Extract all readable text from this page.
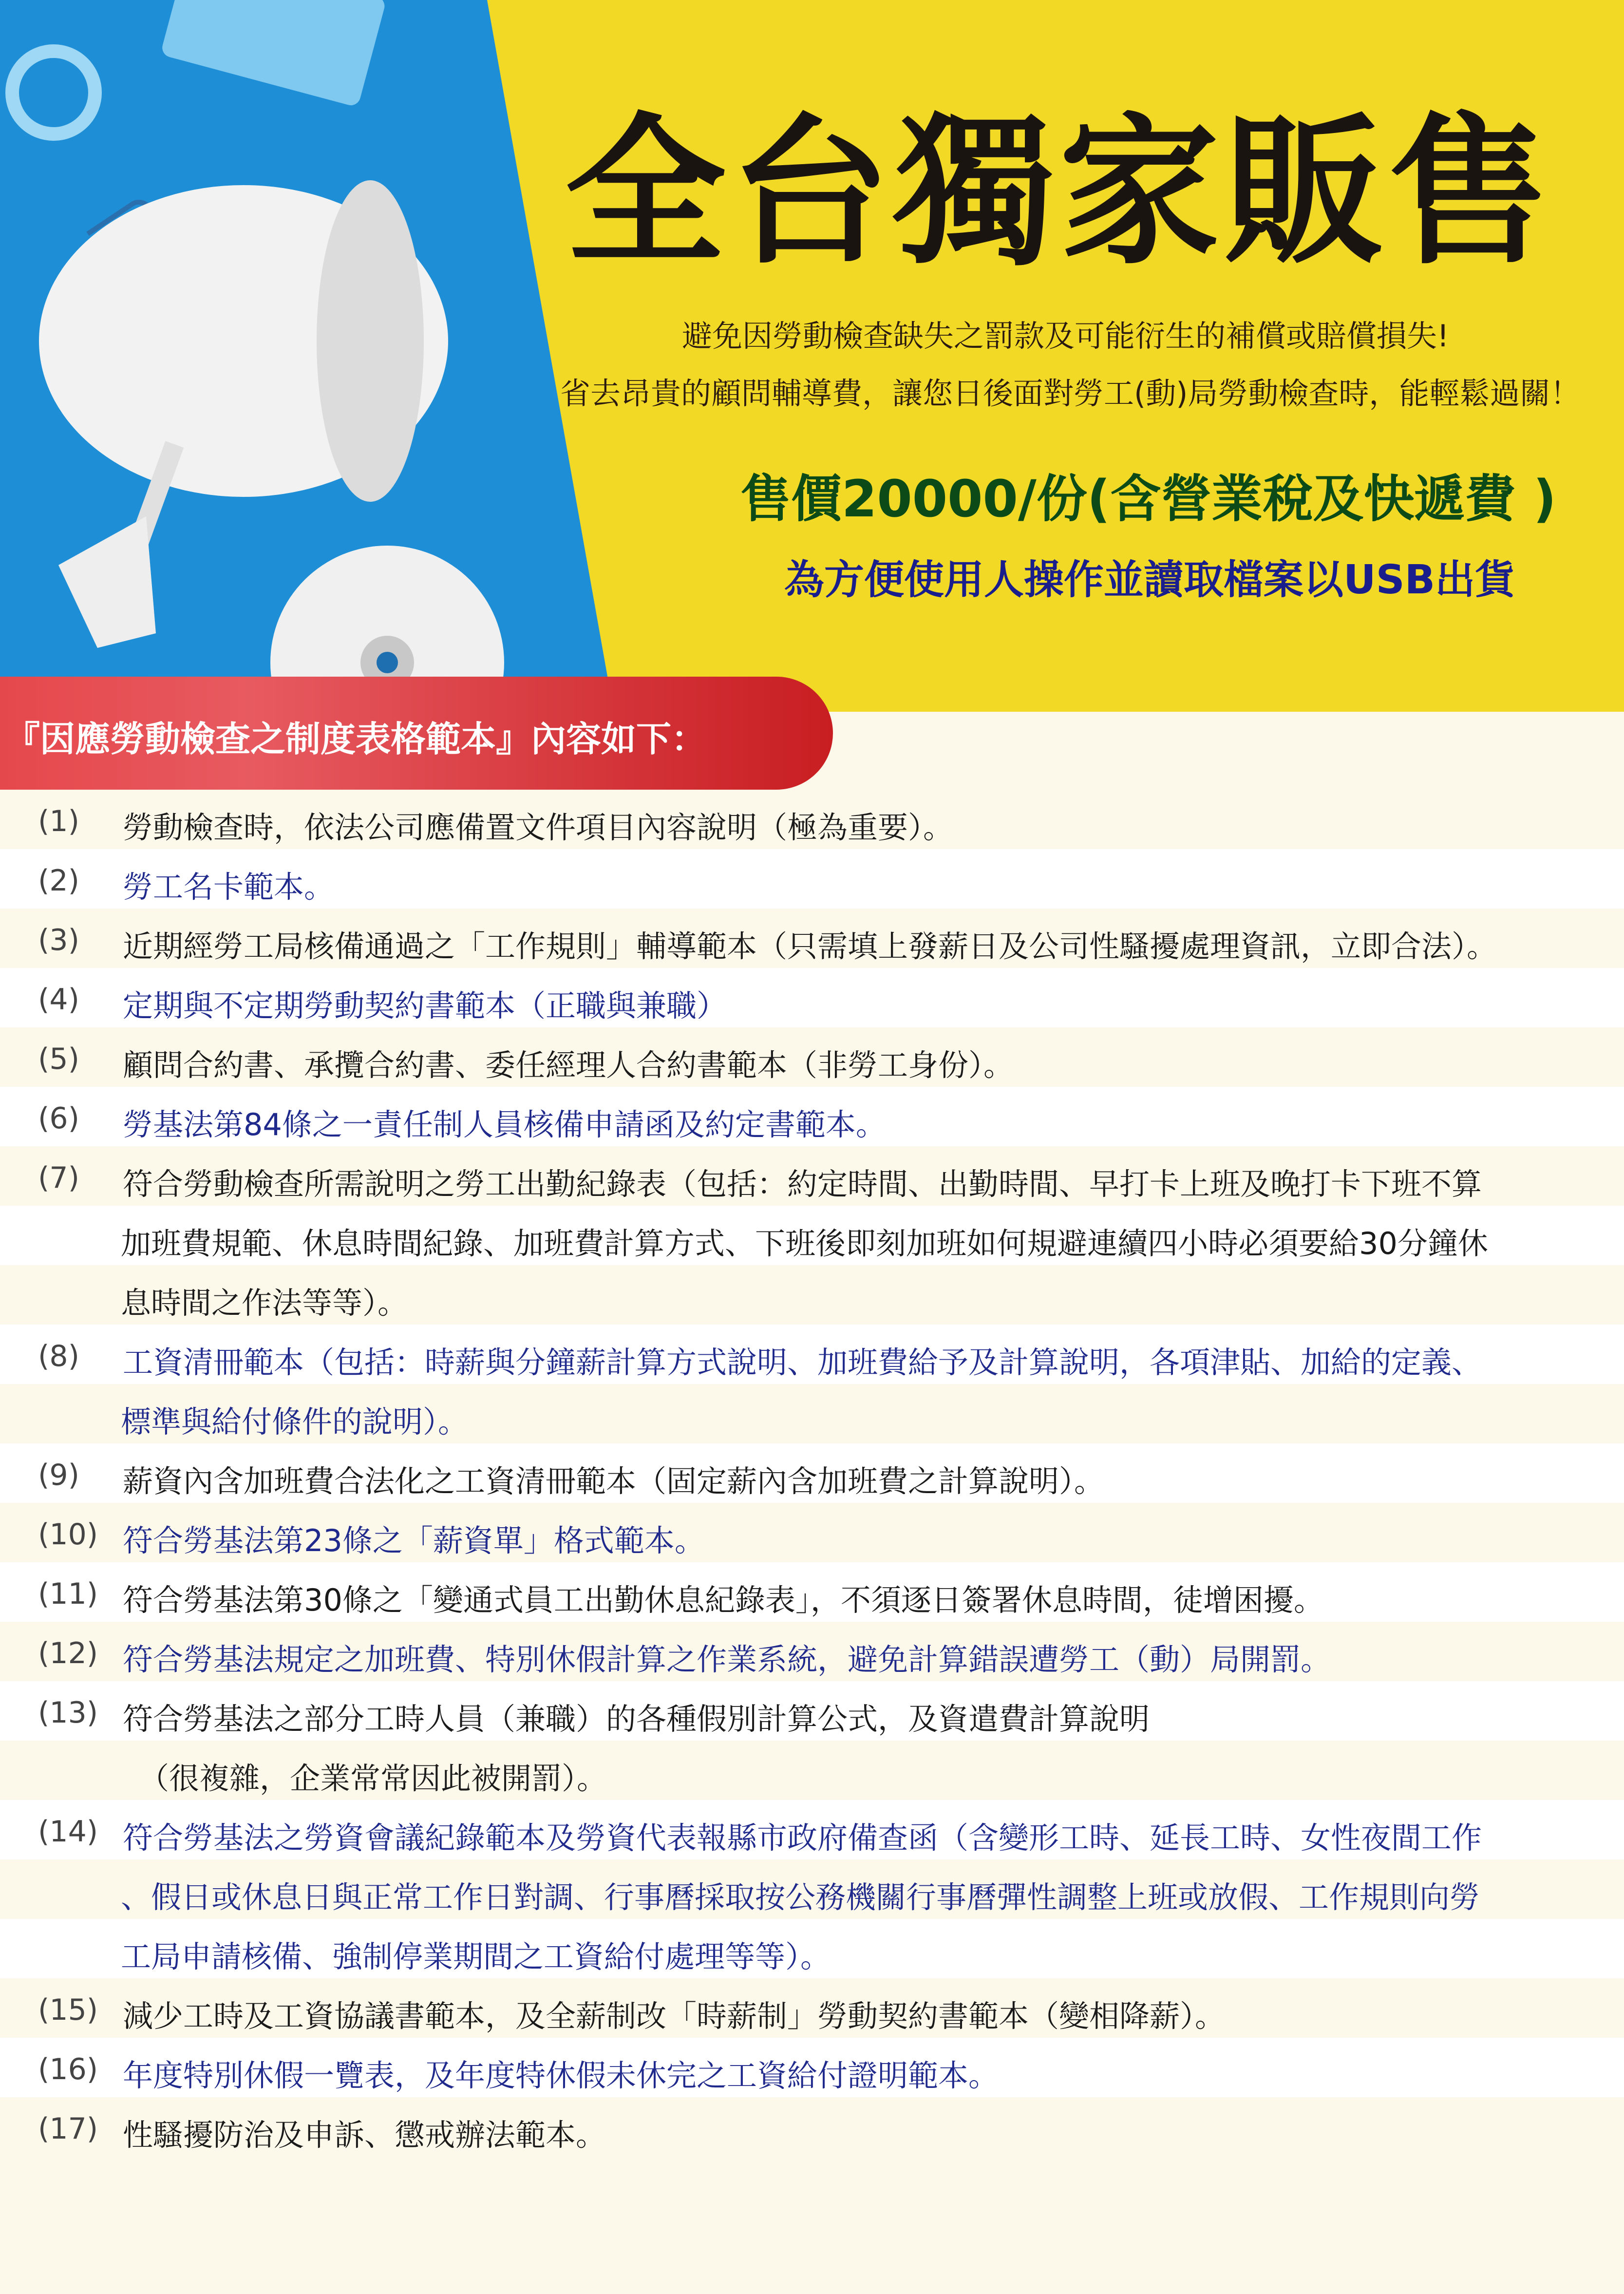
全台獨家販售
避免因勞動檢查缺失之罰款及可能衍生的補償或賠償損失!
省去昂貴的顧問輔導費，讓您日後面對勞工(動)局勞動檢查時，能輕鬆過關！
售價20000/份(含營業稅及快遞費 )
為方便使用人操作並讀取檔案以USB出貨
(1) 勞動檢查時，依法公司應備置文件項目內容說明（極為重要）。
(2) 勞工名卡範本。
(3) 近期經勞工局核備通過之「工作規則」輔導範本（只需填上發薪日及公司性騷擾處理資訊，立即合法）。
(4) 定期與不定期勞動契約書範本（正職與兼職）
(5) 顧問合約書、承攬合約書、委任經理人合約書範本（非勞工身份）。
(6) 勞基法第84條之一責任制人員核備申請函及約定書範本。
(7) 符合勞動檢查所需說明之勞工出勤紀錄表（包括：約定時間、出勤時間、早打卡上班及晚打卡下班不算
加班費規範、休息時間紀錄、加班費計算方式、下班後即刻加班如何規避連續四小時必須要給30分鐘休
息時間之作法等等）。
(8) 工資清冊範本（包括：時薪與分鐘薪計算方式說明、加班費給予及計算說明，各項津貼、加給的定義、
標準與給付條件的說明）。
(9) 薪資內含加班費合法化之工資清冊範本（固定薪內含加班費之計算說明）。
(10) 符合勞基法第23條之「薪資單」格式範本。
(11) 符合勞基法第30條之「變通式員工出勤休息紀錄表」，不須逐日簽署休息時間，徒增困擾。
(12) 符合勞基法規定之加班費、特別休假計算之作業系統，避免計算錯誤遭勞工（動）局開罰。
(13) 符合勞基法之部分工時人員（兼職）的各種假別計算公式，及資遣費計算說明
（很複雜，企業常常因此被開罰）。
(14) 符合勞基法之勞資會議紀錄範本及勞資代表報縣市政府備查函（含變形工時、延長工時、女性夜間工作
、假日或休息日與正常工作日對調、行事曆採取按公務機關行事曆彈性調整上班或放假、工作規則向勞
工局申請核備、強制停業期間之工資給付處理等等）。
(15) 減少工時及工資協議書範本，及全薪制改「時薪制」勞動契約書範本（變相降薪）。
(16) 年度特別休假一覽表，及年度特休假未休完之工資給付證明範本。
(17) 性騷擾防治及申訴、懲戒辦法範本。
『因應勞動檢查之制度表格範本』內容如下：
